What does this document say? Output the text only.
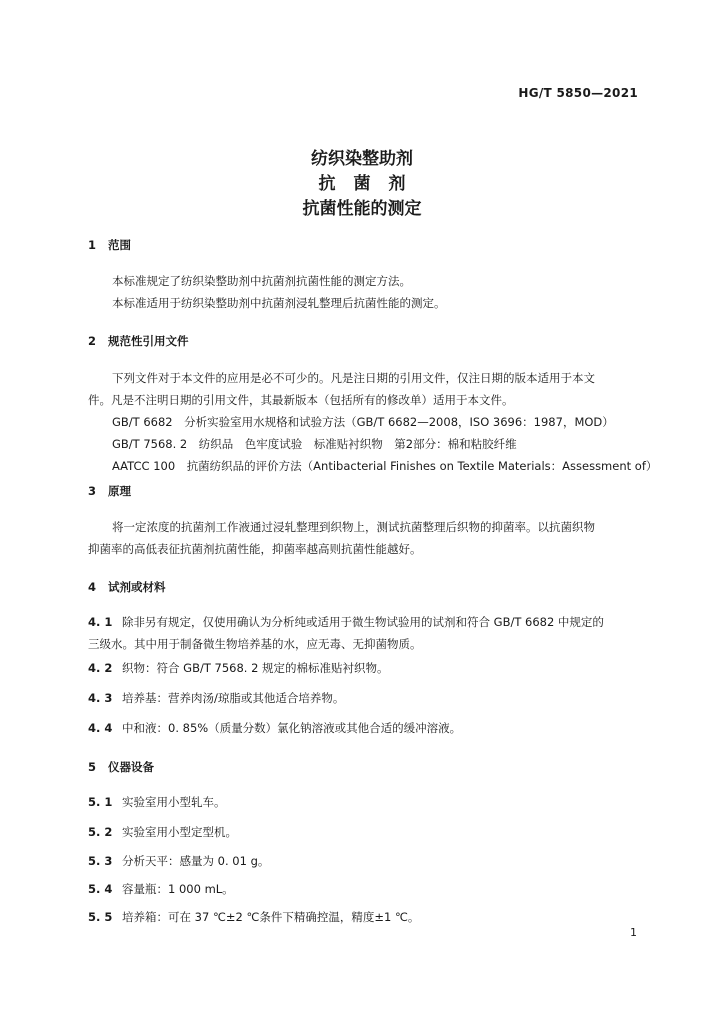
HG/T 5850—2021
纺织染整助剂
抗菌剂
抗菌性能的测定
1 范围
本标准规定了纺织染整助剂中抗菌剂抗菌性能的测定方法。
本标准适用于纺织染整助剂中抗菌剂浸轧整理后抗菌性能的测定。
2 规范性引用文件
下列文件对于本文件的应用是必不可少的。凡是注日期的引用文件，仅注日期的版本适用于本文
件。凡是不注明日期的引用文件，其最新版本（包括所有的修改单）适用于本文件。
GB/T 6682　 分析实验室用水规格和试验方法（GB/T 6682—2008，ISO 3696：1987，MOD）
GB/T 7568. 2　 纺织品　色牢度试验　标准贴衬织物　第2部分：棉和粘胶纤维
AATCC 100　 抗菌纺织品的评价方法（Antibacterial Finishes on Textile Materials：Assessment of）
3 原理
将一定浓度的抗菌剂工作液通过浸轧整理到织物上，测试抗菌整理后织物的抑菌率。以抗菌织物
抑菌率的高低表征抗菌剂抗菌性能，抑菌率越高则抗菌性能越好。
4 试剂或材料
4. 1 除非另有规定，仅使用确认为分析纯或适用于微生物试验用的试剂和符合 GB/T 6682 中规定的
三级水。其中用于制备微生物培养基的水，应无毒、无抑菌物质。
4. 2 织物：符合 GB/T 7568. 2 规定的棉标准贴衬织物。
4. 3 培养基：营养肉汤/琼脂或其他适合培养物。
4. 4 中和液：0. 85%（质量分数）氯化钠溶液或其他合适的缓冲溶液。
5 仪器设备
5. 1 实验室用小型轧车。
5. 2 实验室用小型定型机。
5. 3 分析天平：感量为 0. 01 g。
5. 4 容量瓶：1 000 mL。
5. 5 培养箱：可在 37 ℃±2 ℃条件下精确控温，精度±1 ℃。
1
